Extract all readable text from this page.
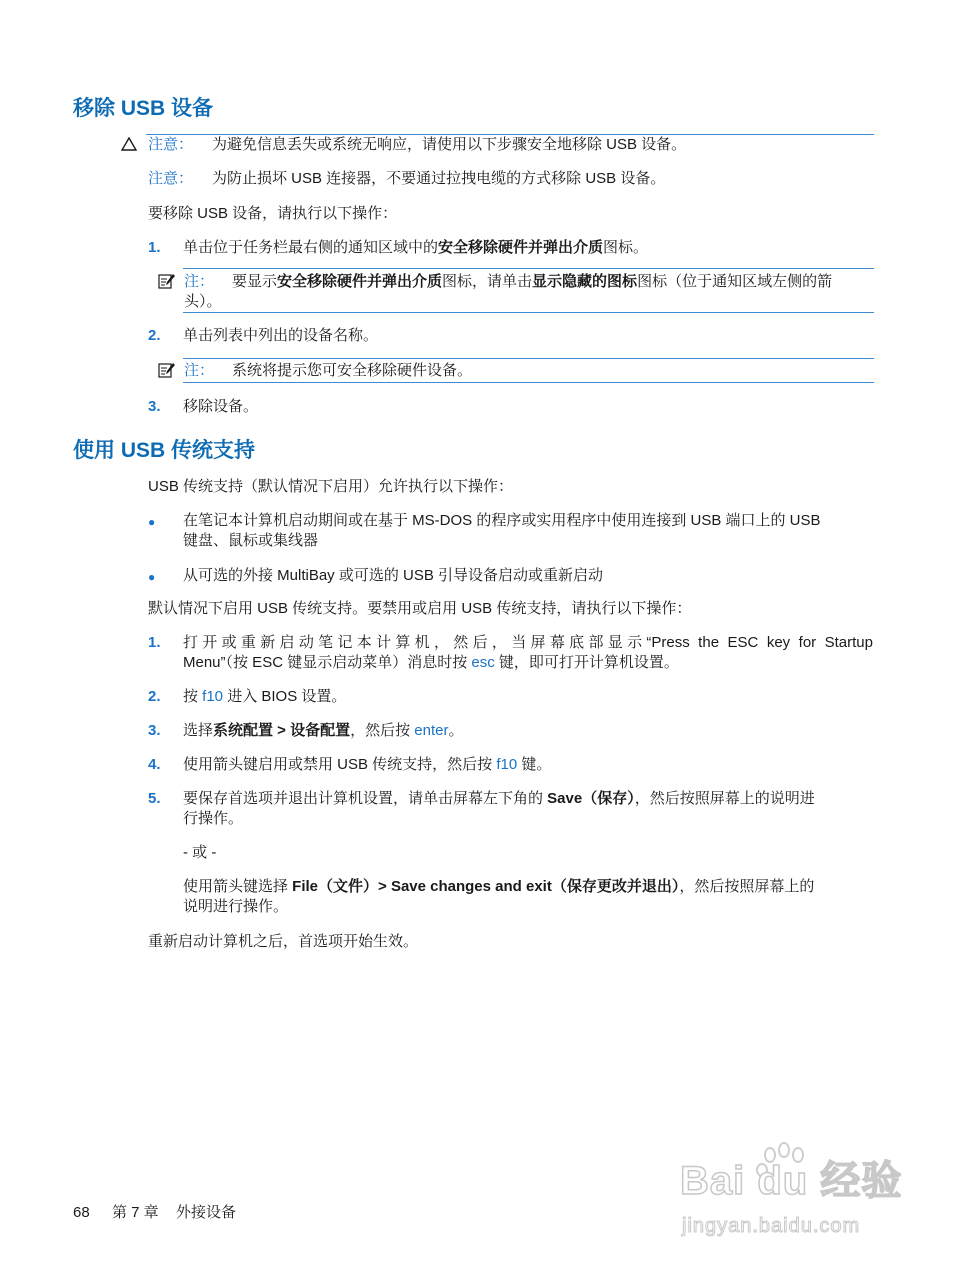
移除 USB 设备
注意： 为避免信息丢失或系统无响应，请使用以下步骤安全地移除 USB 设备。
注意： 为防止损坏 USB 连接器，不要通过拉拽电缆的方式移除 USB 设备。
要移除 USB 设备，请执行以下操作：
1.	单击位于任务栏最右侧的通知区域中的安全移除硬件并弹出介质图标。
注： 要显示安全移除硬件并弹出介质图标，请单击显示隐藏的图标图标（位于通知区域左侧的箭
头）。
2.	单击列表中列出的设备名称。
注： 系统将提示您可安全移除硬件设备。
3.	移除设备。
使用 USB 传统支持
USB 传统支持（默认情况下启用）允许执行以下操作：
● 在笔记本计算机启动期间或在基于 MS-DOS 的程序或实用程序中使用连接到 USB 端口上的 USB
键盘、鼠标或集线器
● 从可选的外接 MultiBay 或可选的 USB 引导设备启动或重新启动
默认情况下启用 USB 传统支持。要禁用或启用 USB 传统支持，请执行以下操作：
1.	打开或重新启动笔记本计算机，然后，当屏幕底部显示“Press the ESC key for Startup
Menu”（按 ESC 键显示启动菜单）消息时按 esc 键，即可打开计算机设置。
2.	按 f10 进入 BIOS 设置。
3.	选择系统配置 > 设备配置，然后按 enter。
4.	使用箭头键启用或禁用 USB 传统支持，然后按 f10 键。
5.	要保存首选项并退出计算机设置，请单击屏幕左下角的 Save（保存），然后按照屏幕上的说明进
行操作。
- 或 -
使用箭头键选择 File（文件）> Save changes and exit（保存更改并退出），然后按照屏幕上的
说明进行操作。
重新启动计算机之后，首选项开始生效。
Bai du 经验
jingyan.baidu.com
68 第 7 章 外接设备
